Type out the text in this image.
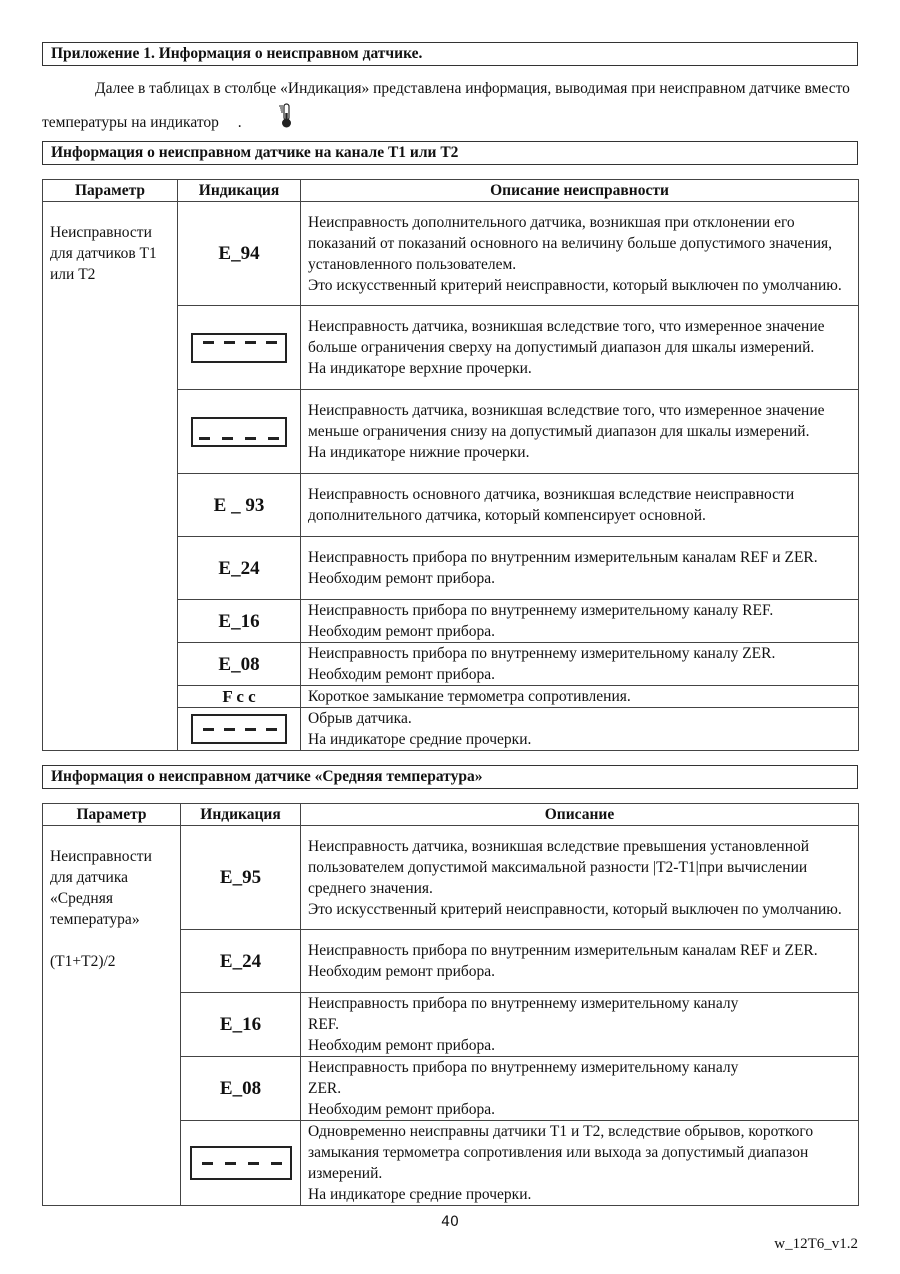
Приложение 1. Информация о неисправном датчике.
Далее в таблицах в столбце «Индикация» представлена информация, выводимая при неисправном датчике вместо температуры на индикатор .
Информация о неисправном датчике на канале Т1 или Т2
Параметр	Индикация	Описание неисправности
Неисправности для датчиков Т1 или Т2	E_94	Неисправность дополнительного датчика, возникшая при отклонении его показаний от показаний основного на величину больше допустимого значения, установленного пользователем.
Это искусственный критерий неисправности, который выключен по умолчанию.

		Неисправность датчика, возникшая вследствие того, что измеренное значение больше ограничения сверху на допустимый диапазон для шкалы измерений.
На индикаторе верхние прочерки.

		Неисправность датчика, возникшая вследствие того, что измеренное значение меньше ограничения снизу на допустимый диапазон для шкалы измерений.
На индикаторе нижние прочерки.

	E _ 93	Неисправность основного датчика, возникшая вследствие неисправности дополнительного датчика, который компенсирует основной.

	E_24	Неисправность прибора по внутренним измерительным каналам REF и ZER.
Необходим ремонт прибора.

	E_16	Неисправность прибора по внутреннему измерительному каналу REF.
Необходим ремонт прибора.

	E_08	Неисправность прибора по внутреннему измерительному каналу ZER.
Необходим ремонт прибора.

	F c c	Короткое замыкание термометра сопротивления.

		Обрыв датчика.
На индикаторе средние прочерки.
Информация о неисправном датчике «Средняя температура»
Параметр	Индикация	Описание

Неисправности для датчика «Средняя температура»
(Т1+Т2)/2	E_95	Неисправность датчика, возникшая вследствие превышения установленной пользователем допустимой максимальной разности |Т2-Т1|при вычислении среднего значения.
Это искусственный критерий неисправности, который выключен по умолчанию.

	E_24	Неисправность прибора по внутренним измерительным каналам REF и ZER.
Необходим ремонт прибора.

	E_16	Неисправность прибора по внутреннему измерительному каналу REF.
Необходим ремонт прибора.

	E_08	Неисправность прибора по внутреннему измерительному каналу ZER.
Необходим ремонт прибора.

		Одновременно неисправны датчики Т1 и Т2, вследствие обрывов, короткого замыкания термометра сопротивления или выхода за допустимый диапазон измерений.
На индикаторе средние прочерки.
40
w_12T6_v1.2
